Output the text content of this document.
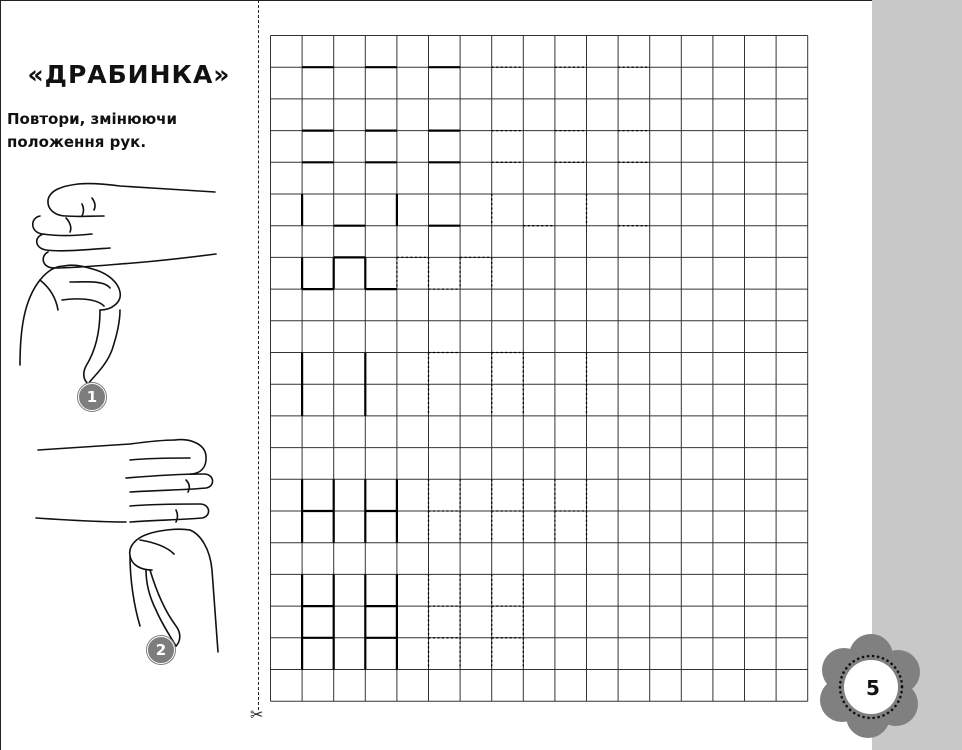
«ДРАБИНКА»
Повтори, змінюючи
положення рук.
1
2
✂
5
